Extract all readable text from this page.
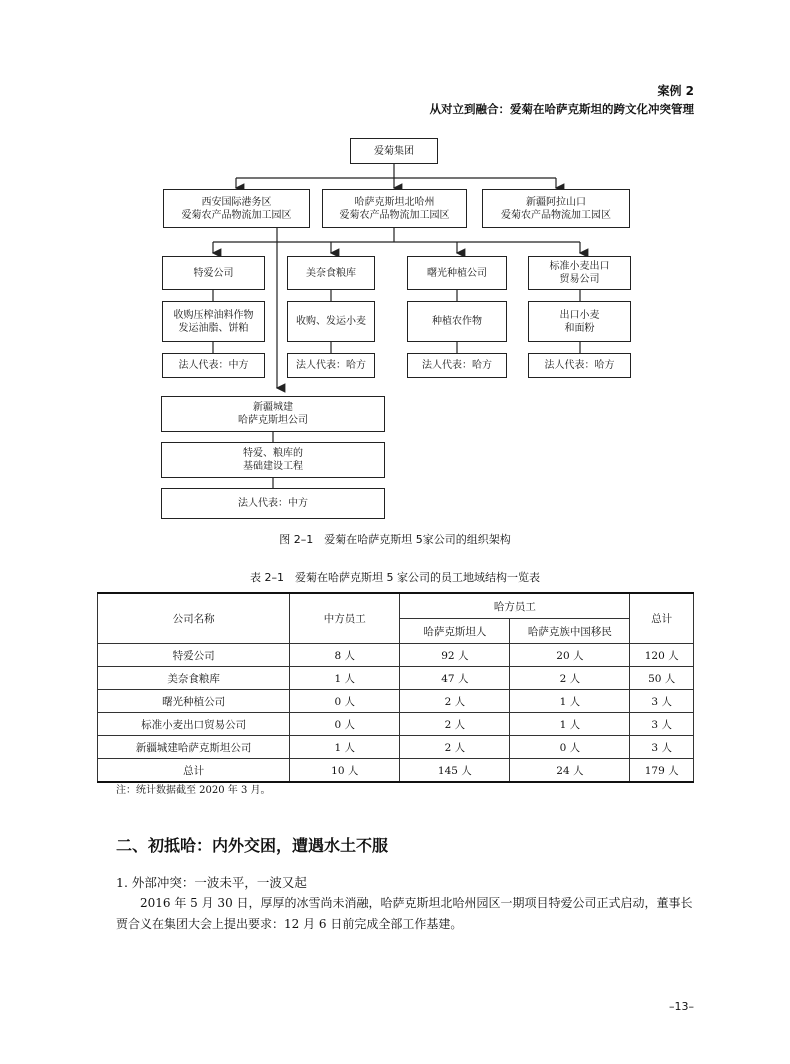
案例 2
从对立到融合：爱菊在哈萨克斯坦的跨文化冲突管理
爱菊集团
西安国际港务区
爱菊农产品物流加工园区
哈萨克斯坦北哈州
爱菊农产品物流加工园区
新疆阿拉山口
爱菊农产品物流加工园区
特爱公司
收购压榨油料作物
发运油脂、饼粕
法人代表：中方
美奈食粮库
收购、发运小麦
法人代表：哈方
曙光种植公司
种植农作物
法人代表：哈方
标准小麦出口
贸易公司
出口小麦
和面粉
法人代表：哈方
新疆城建
哈萨克斯坦公司
特爱、粮库的
基础建设工程
法人代表：中方
图 2–1　爱菊在哈萨克斯坦 5家公司的组织架构
表 2–1　爱菊在哈萨克斯坦 5 家公司的员工地域结构一览表
公司名称	中方员工	哈方员工		总计
		哈萨克斯坦人	哈萨克族中国移民	
特爱公司	8 人	92 人	20 人	120 人
美奈食粮库	1 人	47 人	2 人	50 人
曙光种植公司	0 人	2 人	1 人	3 人
标准小麦出口贸易公司	0 人	2 人	1 人	3 人
新疆城建哈萨克斯坦公司	1 人	2 人	0 人	3 人
总计	10 人	145 人	24 人	179 人
注：统计数据截至 2020 年 3 月。
二、初抵哈：内外交困，遭遇水土不服
1. 外部冲突：一波未平，一波又起
2016 年 5 月 30 日，厚厚的冰雪尚未消融，哈萨克斯坦北哈州园区一期项目特爱公司正式启动，董事长贾合义在集团大会上提出要求：12 月 6 日前完成全部工作基建。
–13–
